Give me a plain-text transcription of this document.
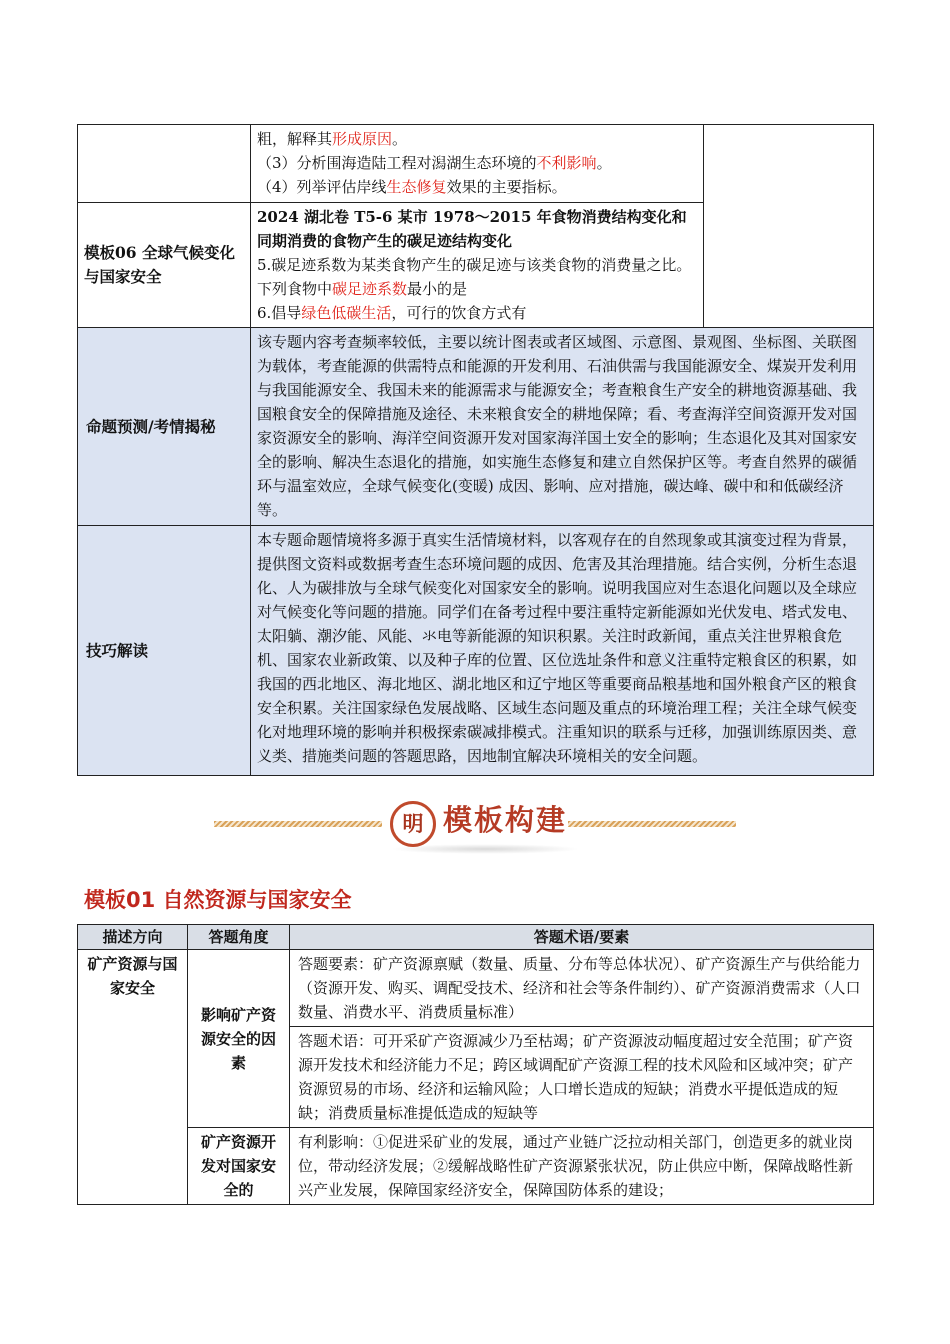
	粗，解释其形成原因。
（3）分析围海造陆工程对潟湖生态环境的不利影响。
（4）列举评估岸线生态修复效果的主要指标。	

模板06 全球气候变化与国家安全	2024 湖北卷 T5-6 某市 1978～2015 年食物消费结构变化和同期消费的食物产生的碳足迹结构变化
5.碳足迹系数为某类食物产生的碳足迹与该类食物的消费量之比。下列食物中碳足迹系数最小的是
6.倡导绿色低碳生活，可行的饮食方式有	

命题预测/考情揭秘	该专题内容考查频率较低，主要以统计图表或者区域图、示意图、景观图、坐标图、关联图为载体，考查能源的供需特点和能源的开发利用、石油供需与我国能源安全、煤炭开发利用与我国能源安全、我国未来的能源需求与能源安全；考查粮食生产安全的耕地资源基础、我国粮食安全的保障措施及途径、未来粮食安全的耕地保障；看、考查海洋空间资源开发对国家资源安全的影响、海洋空间资源开发对国家海洋国土安全的影响；生态退化及其对国家安全的影响、解决生态退化的措施，如实施生态修复和建立自然保护区等。考查自然界的碳循环与温室效应，全球气候变化(变暖) 成因、影响、应对措施，碳达峰、碳中和和低碳经济等。	
技巧解读	本专题命题情境将多源于真实生活情境材料，以客观存在的自然现象或其演变过程为背景，提供图文资料或数据考查生态环境问题的成因、危害及其治理措施。结合实例，分析生态退化、人为碳排放与全球气候变化对国家安全的影响。说明我国应对生态退化问题以及全球应对气候变化等问题的措施。同学们在备考过程中要注重特定新能源如光伏发电、塔式发电、太阳躺、潮汐能、风能、氺电等新能源的知识积累。关注时政新闻，重点关注世界粮食危机、国家农业新政策、以及种子库的位置、区位选址条件和意义注重特定粮食区的积累，如我国的西北地区、海北地区、湖北地区和辽宁地区等重要商品粮基地和国外粮食产区的粮食安全积累。关注国家绿色发展战略、区域生态问题及重点的环境治理工程；关注全球气候变化对地理环境的影响并积极探索碳减排模式。注重知识的联系与迁移，加强训练原因类、意义类、措施类问题的答题思路，因地制宜解决环境相关的安全问题。	
明 模板构建
模板01 自然资源与国家安全
描述方向	答题角度	答题术语/要素
矿产资源与国家安全	影响矿产资源安全的因素	答题要素：矿产资源禀赋（数量、质量、分布等总体状况）、矿产资源生产与供给能力（资源开发、购买、调配受技术、经济和社会等条件制约）、矿产资源消费需求（人口数量、消费水平、消费质量标准）
		答题术语：可开采矿产资源减少乃至枯竭；矿产资源波动幅度超过安全范围；矿产资源开发技术和经济能力不足；跨区域调配矿产资源工程的技术风险和区域冲突；矿产资源贸易的市场、经济和运输风险；人口增长造成的短缺；消费水平提低造成的短缺；消费质量标准提低造成的短缺等
	矿产资源开发对国家安全的	有利影响：①促进采矿业的发展，通过产业链广泛拉动相关部门，创造更多的就业岗位，带动经济发展；②缓解战略性矿产资源紧张状况，防止供应中断，保障战略性新兴产业发展，保障国家经济安全，保障国防体系的建设；
